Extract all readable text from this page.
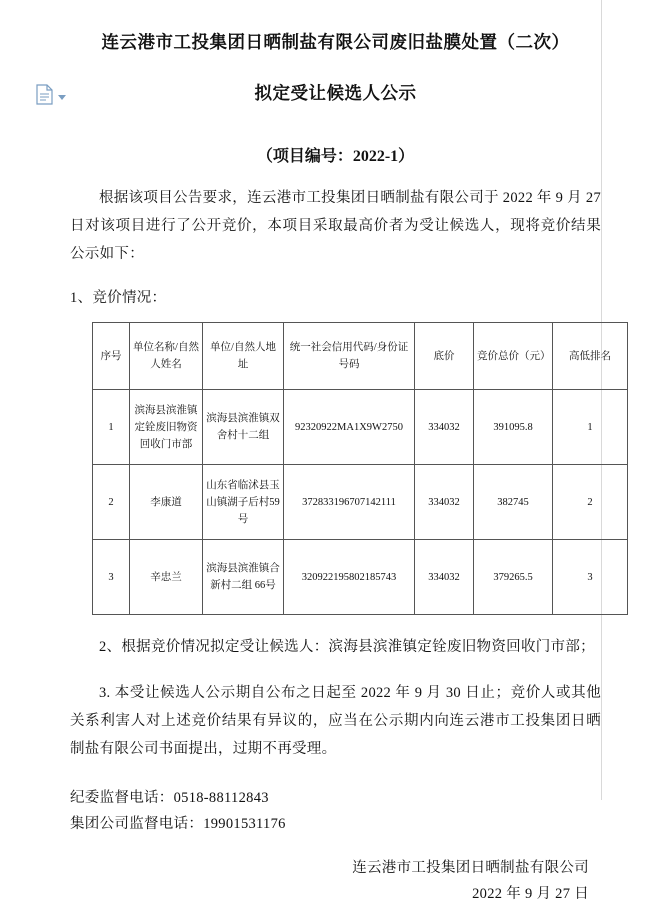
连云港市工投集团日晒制盐有限公司废旧盐膜处置（二次）
拟定受让候选人公示
（项目编号：2022-1）
根据该项目公告要求，连云港市工投集团日晒制盐有限公司于 2022 年 9 月 27 日对该项目进行了公开竞价，本项目采取最高价者为受让候选人，现将竞价结果公示如下：
1、竞价情况：
序号	单位名称/自然人姓名	单位/自然人地址	统一社会信用代码/身份证号码	底价	竞价总价（元）	高低排名
1	滨海县滨淮镇定铨废旧物资回收门市部	滨海县滨淮镇双舍村十二组	92320922MA1X9W2750	334032	391095.8	1
2	李康道	山东省临沭县玉山镇湖子后村59 号	372833196707142111	334032	382745	2
3	辛忠兰	滨海县滨淮镇合新村二组 66号	320922195802185743	334032	379265.5	3
2、根据竞价情况拟定受让候选人：滨海县滨淮镇定铨废旧物资回收门市部；
3. 本受让候选人公示期自公布之日起至 2022 年 9 月 30 日止；竞价人或其他关系利害人对上述竞价结果有异议的，应当在公示期内向连云港市工投集团日晒制盐有限公司书面提出，过期不再受理。
纪委监督电话：0518-88112843
集团公司监督电话：19901531176
连云港市工投集团日晒制盐有限公司
2022 年 9 月 27 日
